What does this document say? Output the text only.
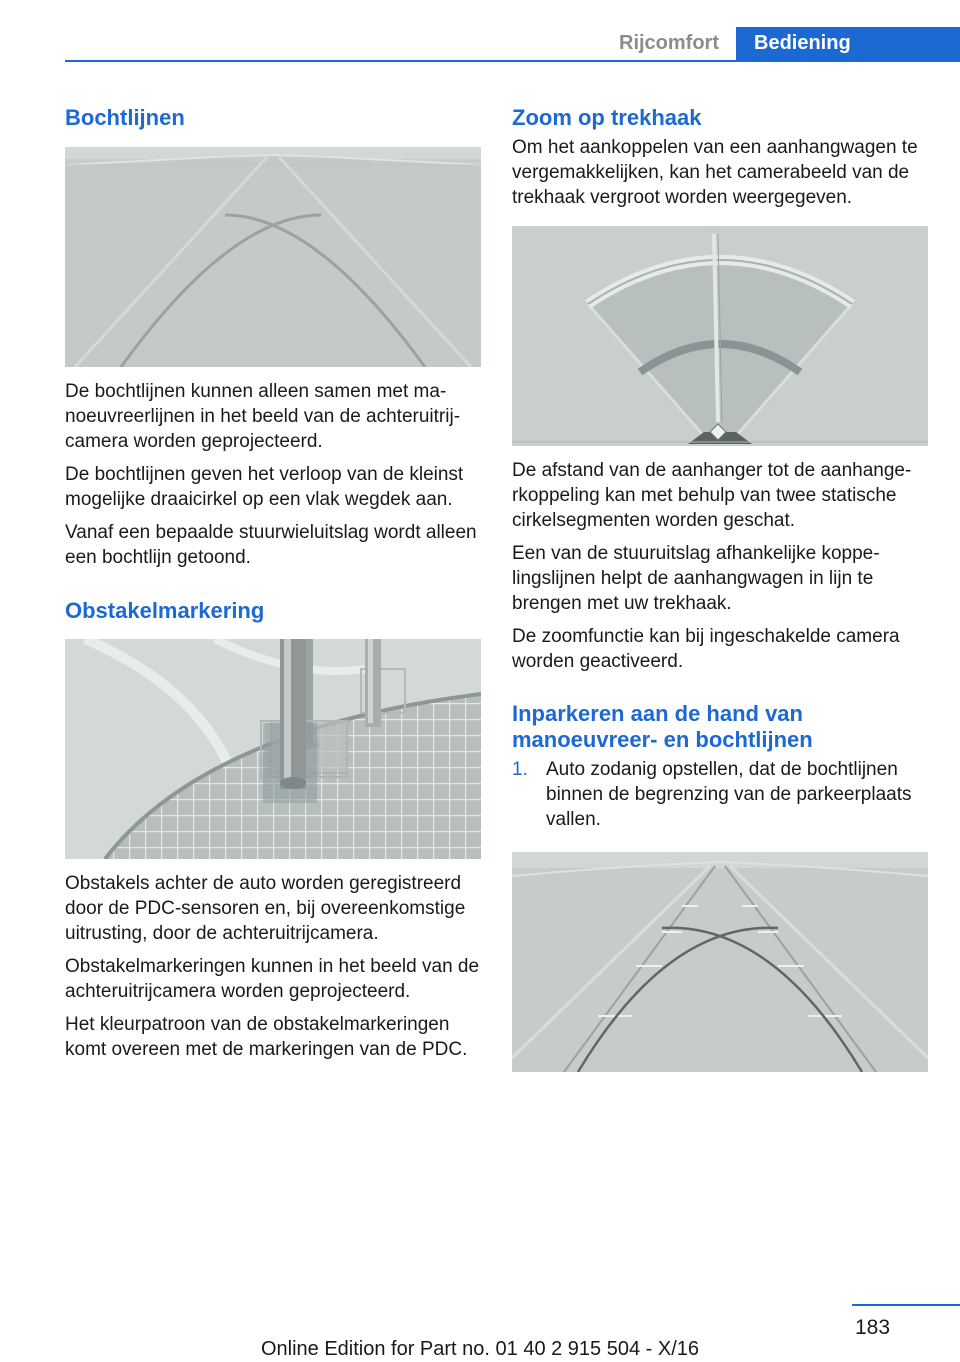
Rijcomfort	Bediening
Bochtlijnen

De bochtlijnen kunnen alleen samen met manoeuvreerlijnen in het beeld van de achteruitrijcamera worden geprojecteerd.

De bochtlijnen geven het verloop van de kleinst mogelijke draaicirkel op een vlak wegdek aan.

Vanaf een bepaalde stuurwieluitslag wordt alleen een bochtlijn getoond.

Obstakelmarkering

Obstakels achter de auto worden geregistreerd door de PDC-sensoren en, bij overeenkomstige uitrusting, door de achteruitrijcamera.

Obstakelmarkeringen kunnen in het beeld van de achteruitrijcamera worden geprojecteerd.

Het kleurpatroon van de obstakelmarkeringen komt overeen met de markeringen van de PDC.

Zoom op trekhaak

Om het aankoppelen van een aanhangwagen te vergemakkelijken, kan het camerabeeld van de trekhaak vergroot worden weergegeven.

De afstand van de aanhanger tot de aanhangerkoppeling kan met behulp van twee statische cirkelsegmenten worden geschat.

Een van de stuuruitslag afhankelijke koppelingslijnen helpt de aanhangwagen in lijn te brengen met uw trekhaak.

De zoomfunctie kan bij ingeschakelde camera worden geactiveerd.

Inparkeren aan de hand van manoeuvreer- en bochtlijnen
1. Auto zodanig opstellen, dat de bochtlijnen binnen de begrenzing van de parkeerplaats vallen.
183
Online Edition for Part no. 01 40 2 915 504 - X/16
